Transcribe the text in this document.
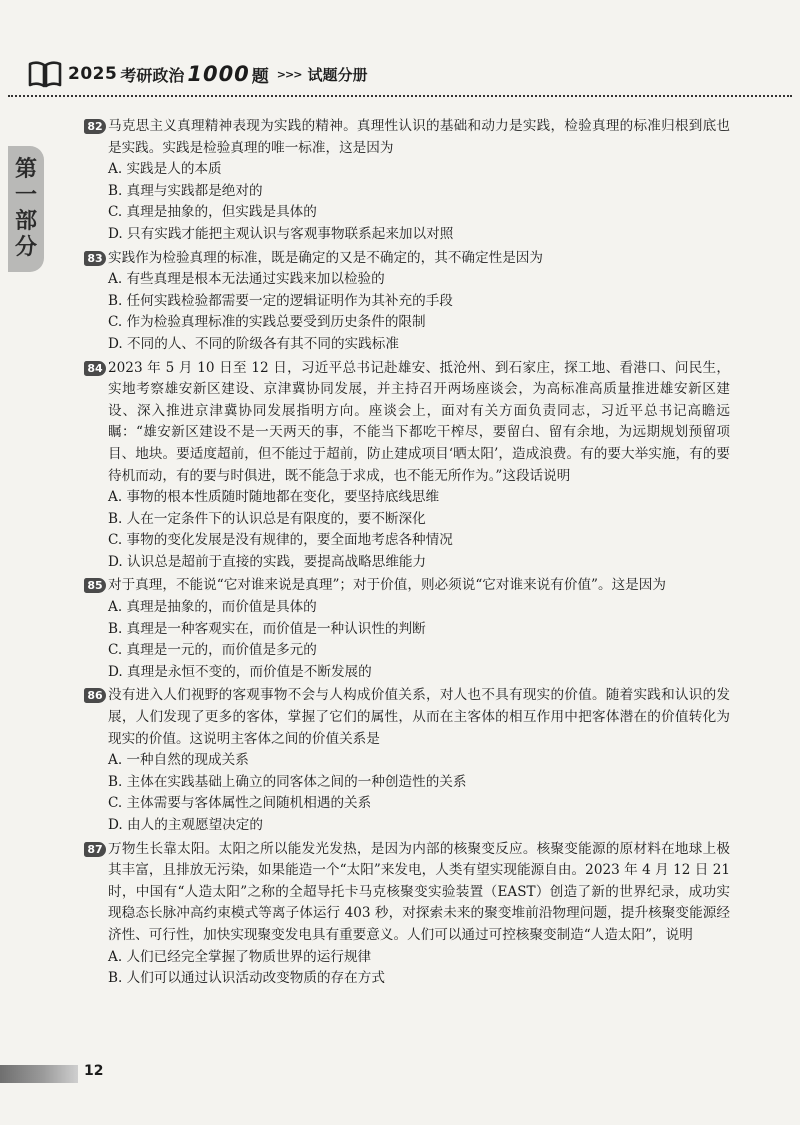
2025 考研政治 1000 题 >>> 试题分册
第
一
部
分
82 马克思主义真理精神表现为实践的精神。真理性认识的基础和动力是实践，检验真理的标准归根到底也是实践。实践是检验真理的唯一标准，这是因为
A. 实践是人的本质
B. 真理与实践都是绝对的
C. 真理是抽象的，但实践是具体的
D. 只有实践才能把主观认识与客观事物联系起来加以对照
83 实践作为检验真理的标准，既是确定的又是不确定的，其不确定性是因为
A. 有些真理是根本无法通过实践来加以检验的
B. 任何实践检验都需要一定的逻辑证明作为其补充的手段
C. 作为检验真理标准的实践总要受到历史条件的限制
D. 不同的人、不同的阶级各有其不同的实践标准
84 2023 年 5 月 10 日至 12 日，习近平总书记赴雄安、抵沧州、到石家庄，探工地、看港口、问民生，实地考察雄安新区建设、京津冀协同发展，并主持召开两场座谈会，为高标准高质量推进雄安新区建设、深入推进京津冀协同发展指明方向。座谈会上，面对有关方面负责同志，习近平总书记高瞻远瞩：“雄安新区建设不是一天两天的事，不能当下都吃干榨尽，要留白、留有余地，为远期规划预留项目、地块。要适度超前，但不能过于超前，防止建成项目‘晒太阳’，造成浪费。有的要大举实施，有的要待机而动，有的要与时俱进，既不能急于求成，也不能无所作为。”这段话说明
A. 事物的根本性质随时随地都在变化，要坚持底线思维
B. 人在一定条件下的认识总是有限度的，要不断深化
C. 事物的变化发展是没有规律的，要全面地考虑各种情况
D. 认识总是超前于直接的实践，要提高战略思维能力
85 对于真理，不能说“它对谁来说是真理”；对于价值，则必须说“它对谁来说有价值”。这是因为
A. 真理是抽象的，而价值是具体的
B. 真理是一种客观实在，而价值是一种认识性的判断
C. 真理是一元的，而价值是多元的
D. 真理是永恒不变的，而价值是不断发展的
86 没有进入人们视野的客观事物不会与人构成价值关系，对人也不具有现实的价值。随着实践和认识的发展，人们发现了更多的客体，掌握了它们的属性，从而在主客体的相互作用中把客体潜在的价值转化为现实的价值。这说明主客体之间的价值关系是
A. 一种自然的现成关系
B. 主体在实践基础上确立的同客体之间的一种创造性的关系
C. 主体需要与客体属性之间随机相遇的关系
D. 由人的主观愿望决定的
87 万物生长靠太阳。太阳之所以能发光发热，是因为内部的核聚变反应。核聚变能源的原材料在地球上极其丰富，且排放无污染，如果能造一个“太阳”来发电，人类有望实现能源自由。2023 年 4 月 12 日 21 时，中国有“人造太阳”之称的全超导托卡马克核聚变实验装置（EAST）创造了新的世界纪录，成功实现稳态长脉冲高约束模式等离子体运行 403 秒，对探索未来的聚变堆前沿物理问题，提升核聚变能源经济性、可行性，加快实现聚变发电具有重要意义。人们可以通过可控核聚变制造“人造太阳”，说明
A. 人们已经完全掌握了物质世界的运行规律
B. 人们可以通过认识活动改变物质的存在方式
12
